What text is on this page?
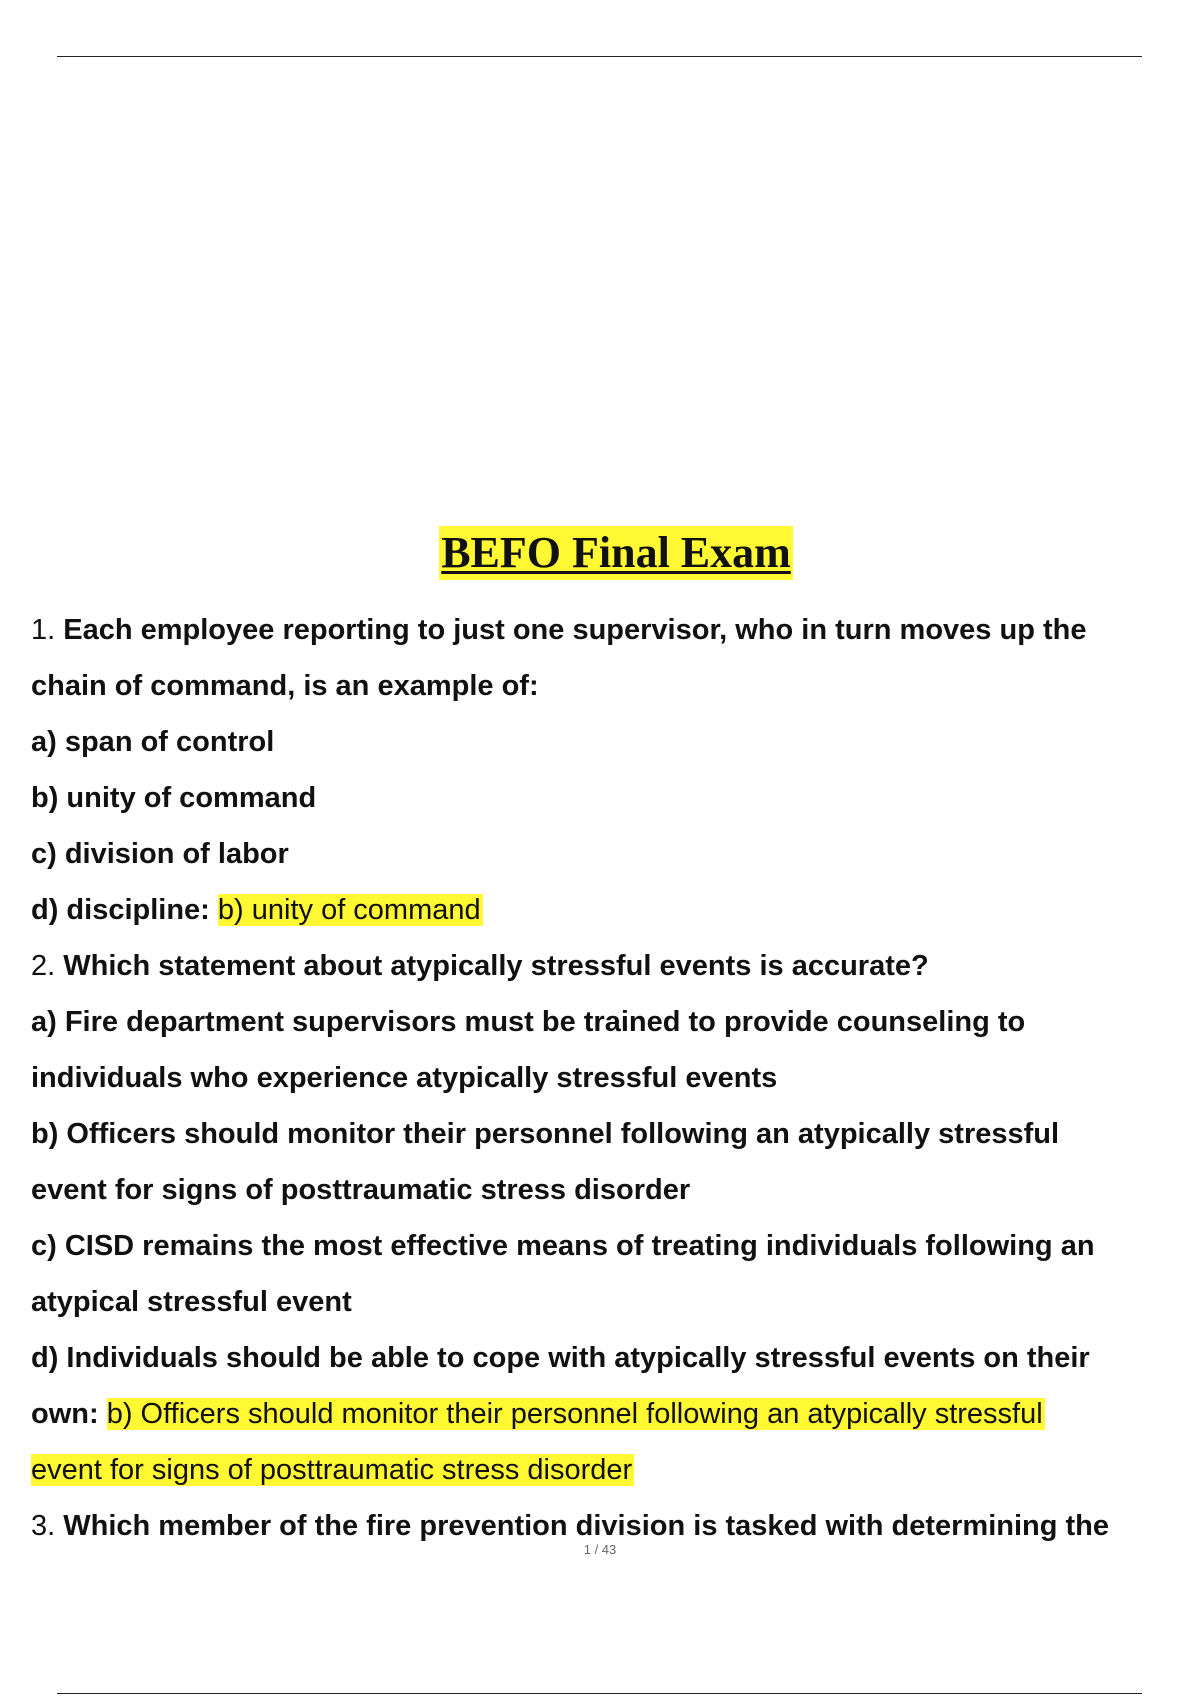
BEFO Final Exam
1. Each employee reporting to just one supervisor, who in turn moves up the
chain of command, is an example of:
a) span of control
b) unity of command
c) division of labor
d) discipline: b) unity of command
2. Which statement about atypically stressful events is accurate?
a) Fire department supervisors must be trained to provide counseling to
individuals who experience atypically stressful events
b) Officers should monitor their personnel following an atypically stressful
event for signs of posttraumatic stress disorder
c) CISD remains the most effective means of treating individuals following an
atypical stressful event
d) Individuals should be able to cope with atypically stressful events on their
own: b) Officers should monitor their personnel following an atypically stressful
event for signs of posttraumatic stress disorder
3. Which member of the fire prevention division is tasked with determining the
1 / 43
